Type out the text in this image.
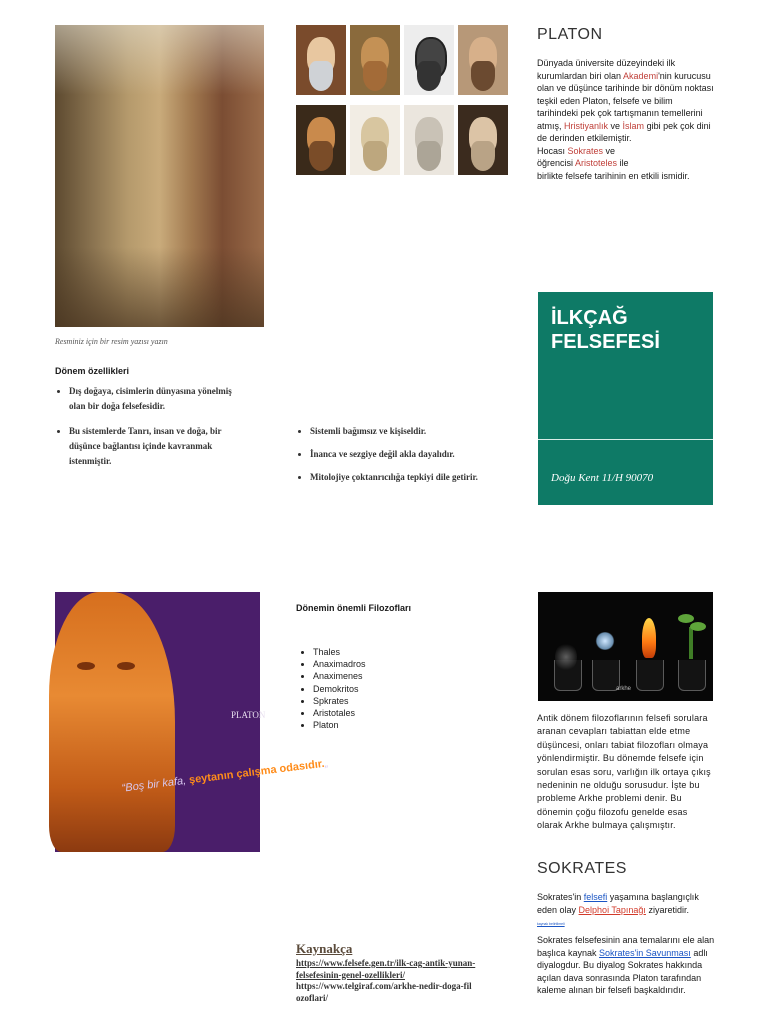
Resminiz için bir resim yazısı yazın
Dönem özellikleri
• Dış doğaya, cisimlerin dünyasına yönelmiş olan bir doğa felsefesidir.
• Bu sistemlerde Tanrı, insan ve doğa, bir düşünce bağlantısı içinde kavranmak istenmiştir.
PLATON
“Boş bir kafa, şeytanın çalışma odasıdır.„
• Sistemli bağımsız ve kişiseldir.
• İnanca ve sezgiye değil akla dayalıdır.
• Mitolojiye çoktanrıcılığa tepkiyi dile getirir.
Dönemin önemli Filozofları
• Thales
• Anaximadros
• Anaximenes
• Demokritos
• Spkrates
• Aristotales
• Platon
Kaynakça
https://www.felsefe.gen.tr/ilk-cag-antik-yunan-felsefesinin-genel-ozellikleri/
https://www.telgiraf.com/arkhe-nedir-doga-filozoflari/
PLATON
Dünyada üniversite düzeyindeki ilk kurumlardan biri olan Akademi'nin kurucusu olan ve düşünce tarihinde bir dönüm noktası teşkil eden Platon, felsefe ve bilim tarihindeki pek çok tartışmanın temellerini
atmış, Hristiyanlık ve İslam gibi pek çok dini de derinden etkilemiştir.
Hocası Sokrates ve
öğrencisi Aristoteles ile
birlikte felsefe tarihinin en etkili ismidir.
İLKÇAĞ
FELSEFESİ
Doğu Kent 11/H 90070
arkhe
Antik dönem filozoflarının felsefi sorulara aranan cevapları tabiattan elde etme düşüncesi, onları tabiat filozofları olmaya yönlendirmiştir. Bu dönemde felsefe için sorulan esas soru, varlığın ilk ortaya çıkış nedeninin ne olduğu sorusudur. İşte bu probleme Arkhe problemi denir. Bu dönemin çoğu filozofu genelde esas olarak Arkhe bulmaya çalışmıştır.
SOKRATES
Sokrates'in felsefi yaşamına başlangıçlık eden olay Delphoi Tapınağı ziyaretidir.
kaynak belirtilmeli
Sokrates felsefesinin ana temalarını ele alan başlıca kaynak Sokrates'in Savunması adlı diyalogdur. Bu diyalog Sokrates hakkında açılan dava sonrasında Platon tarafından kaleme alınan bir felsefi başkaldırıdır.
